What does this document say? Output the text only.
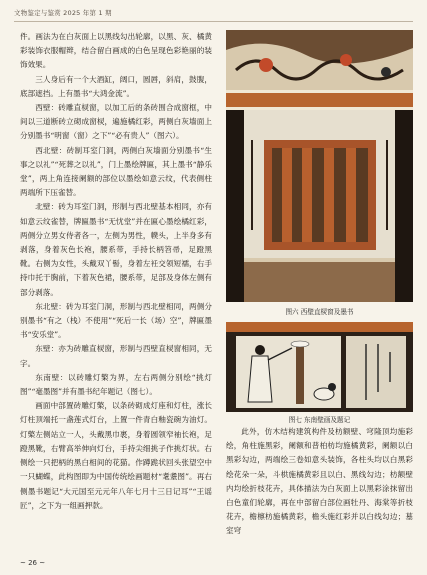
文物鉴定与鉴赏 2025 年第 1 期

件。画法为在白灰面上以黑线勾出轮廓，以黑、灰、橘黄彩装饰衣服帽辫，结合留白画成的白色呈现色彩艳丽的装饰效果。

三人身后有一个大酒缸，阔口，圆唇，斜肩，鼓腹，底部遮挡。上有墨书“大鸿金流”。

西壁：砖雕直棂窗，以加工后的条砖围合成窗框，中间以三道断砖立砌成窗棂，遍施橘红彩，两侧白灰墙面上分别墨书“明窗（窗）之下”“必有贵人”（图六）。

西北壁：砖制耳室门洞，两侧白灰墙面分别墨书“生事之以礼”“死葬之以礼”，门上墨绘牌匾，其上墨书“静乐堂”，两上角连接阑额的部位以墨绘如意云纹，代表侧柱两端所下压雀替。

北壁：砖为耳室门洞，形制与西北壁基本相同，亦有如意云纹雀替，牌匾墨书“无忧堂”并在匾心墨绘橘红彩，两侧分立男女侍者各一，左侧为男性，幞头，上半身多有剥落，身着灰色长袍，腰系带，手持长柄笤帚，足蹬黑靴。右侧为女性，头戴双丫髻，身着左衽交领短襦，右手持巾托于胸前，下着灰色裙，腰系带，足部及身体左侧有部分剥落。

东北壁：砖为耳室门洞，形制与西北壁相同，两侧分别墨书“有之（栈）不使用”“死后一长（场）空”，牌匾墨书“安乐堂”。

东壁：亦为砖雕直棂窗，形制与西壁直棂窗相同，无字。

东南壁：以砖雕灯檠为界，左右两侧分别绘“挑灯图”“毫墨图”并有墨书纪年题记（图七）。

画面中部置砖雕灯檠，以条砖砌成灯座和灯柱，涨长灯柱顶端托一盏莲式灯台，上置一件青白釉瓷碗为油灯。灯檠左侧站立一人，头戴黑巾裹，身着圆领窄袖长袍，足蹬黑靴，右臂高举伸向灯台，手持尖细挑子作挑灯状。右侧绘一只把柄的黑白相间的花猫。作蹲跪状回头张望空中一只蝴蝶，此构图即为中国传统绘画题材“耄耋图”。再右侧墨书题记“大元国至元元年八年七月十三日记耳”“王谣匠”，之下为一组画押款。

图六 西壁直棂窗及墨书
图七 东南壁画及题记

此外，仿木结构建筑构件及枋额壁、穹隆顶均施彩绘，角柱施黑彩，阑额和普柏枋均施橘黄彩，阑额以白黑彩勾边，两端绘三卷如意头装饰，各柱头均以白黑彩绘花朵一朵，斗栱施橘黄彩且以白、黑线勾边；枋额壁内均绘折枝花卉，具体描法为白灰面上以黑彩涂抹留出白色童们轮廓，再在中部留白部位画牡丹、海棠等折枝花卉，檐檩枋施橘黄彩，檐头施红彩并以白线勾边；墓室穹

~ 26 ~
